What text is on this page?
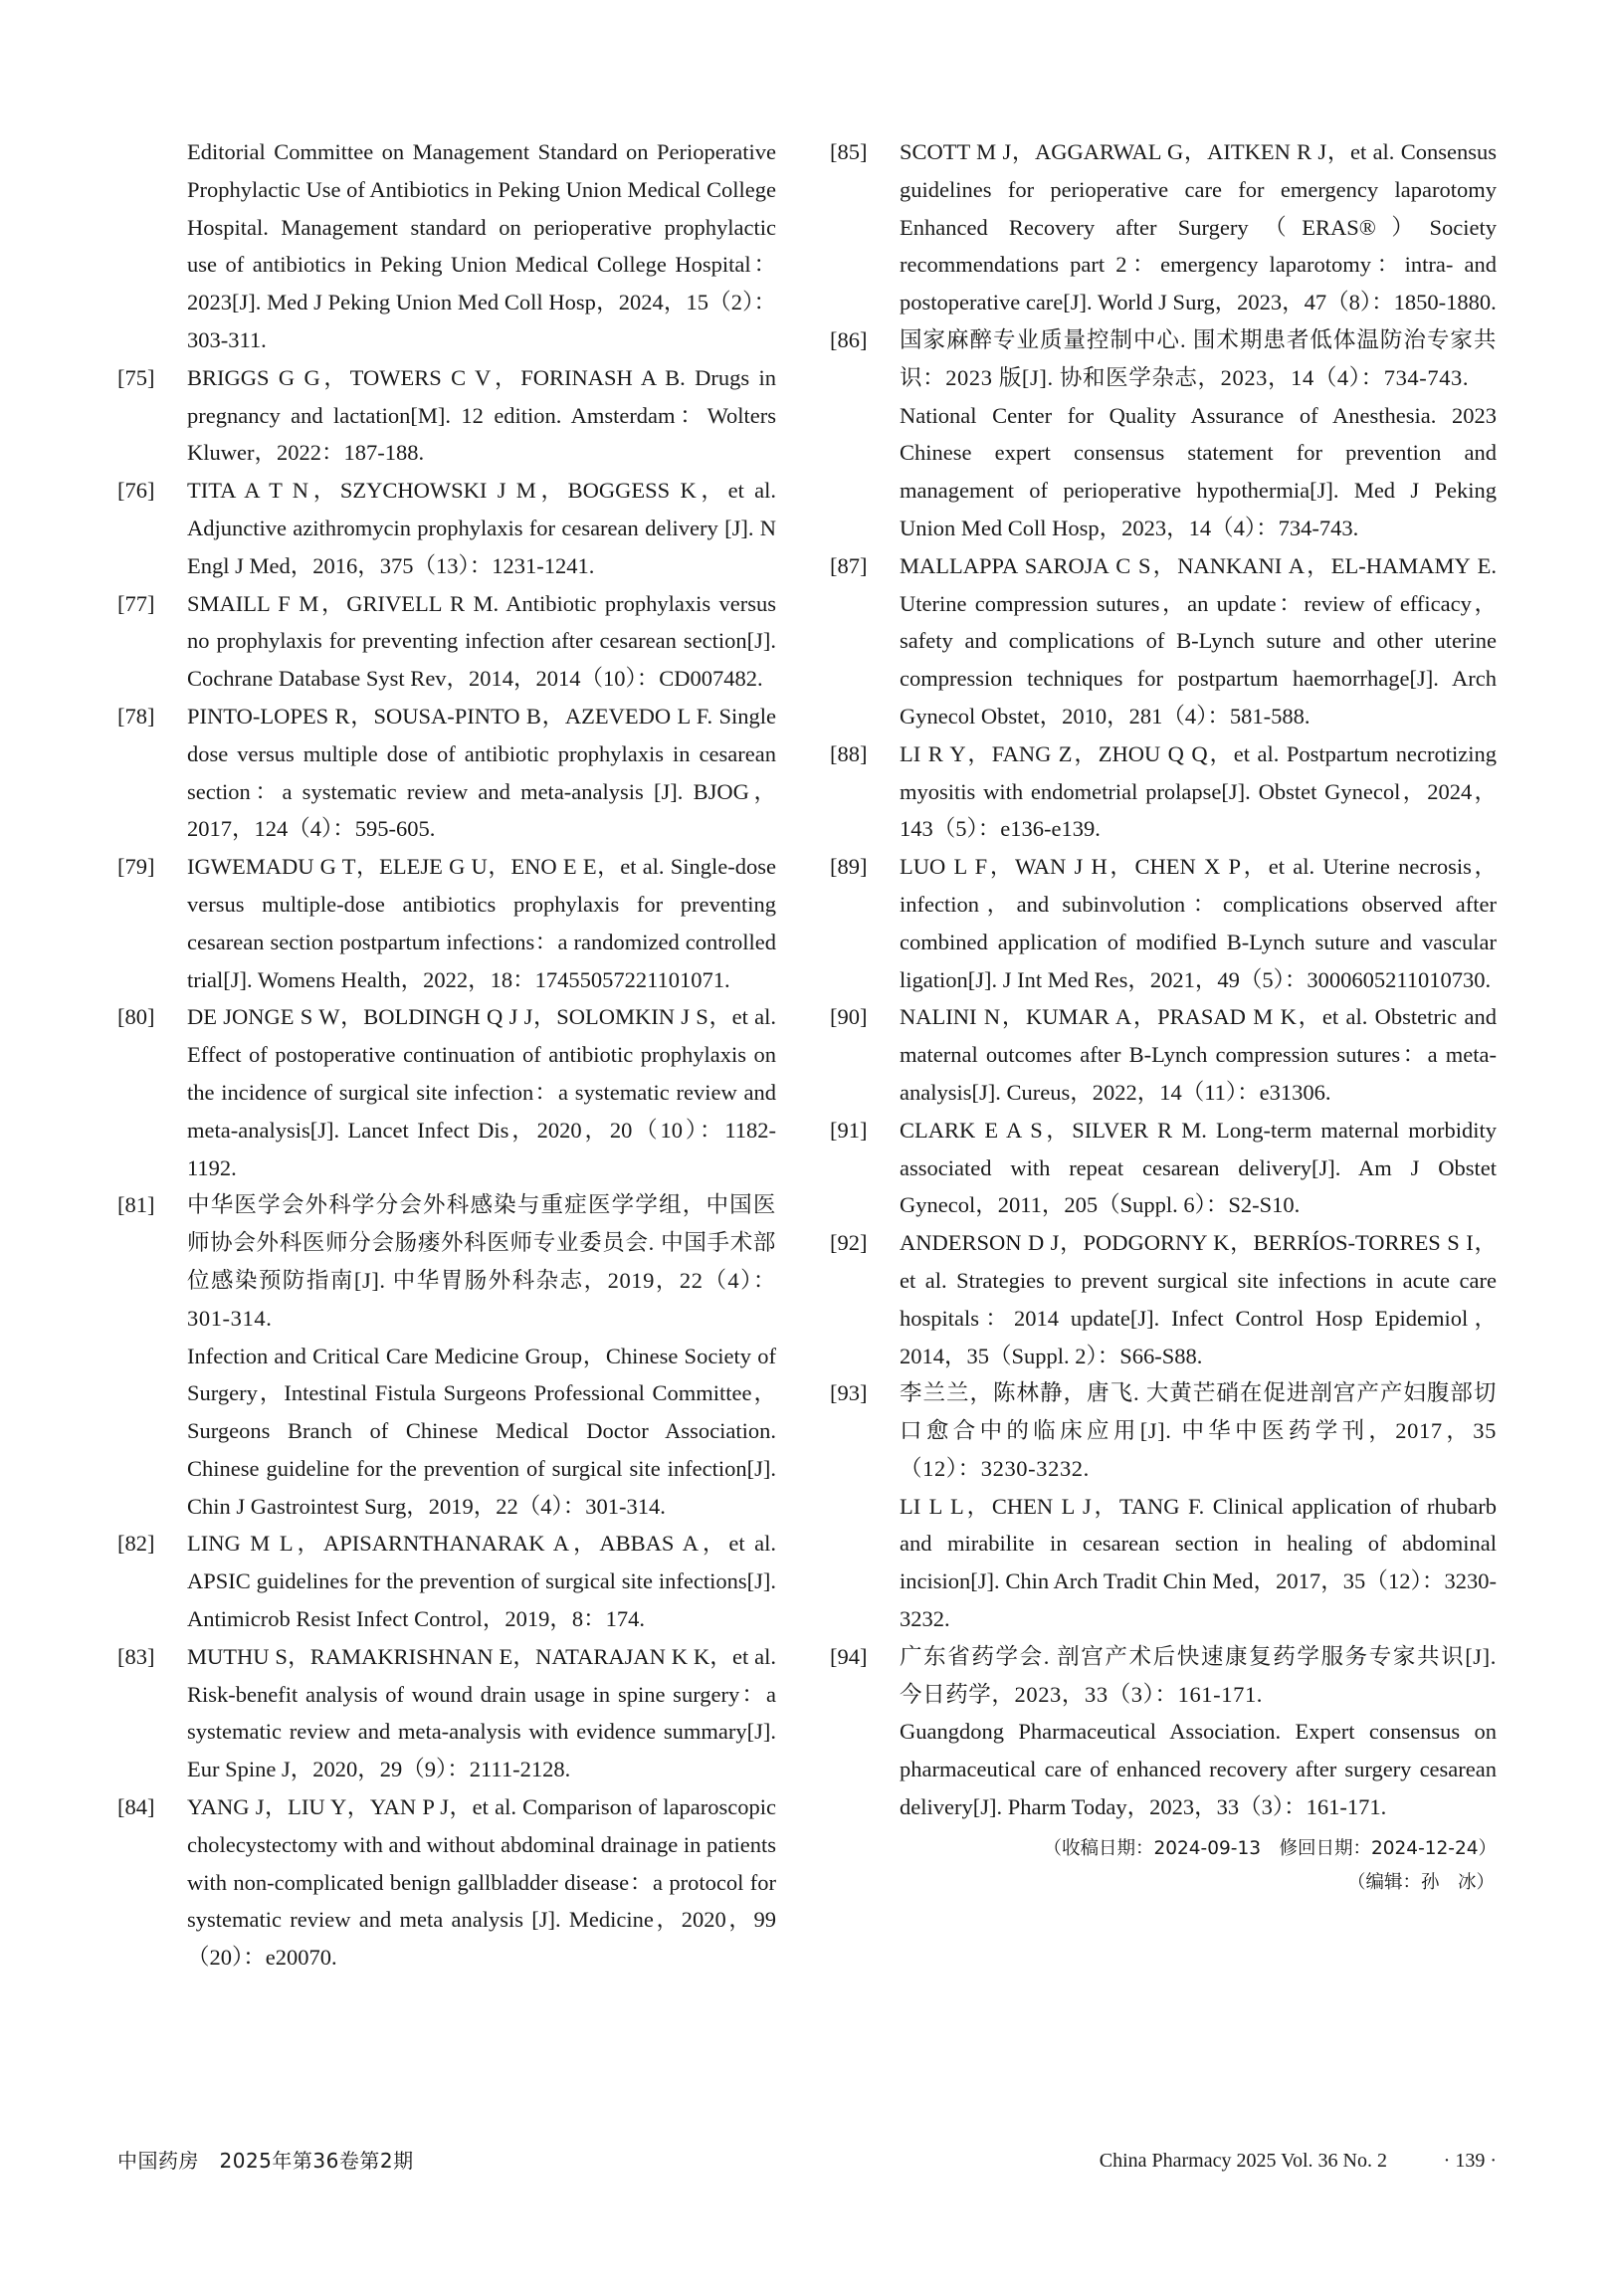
Editorial Committee on Management Standard on Perioperative Prophylactic Use of Antibiotics in Peking Union Medical College Hospital. Management standard on perioperative prophylactic use of antibiotics in Peking Union Medical College Hospital：2023[J]. Med J Peking Union Med Coll Hosp，2024，15（2）：303-311.

[75]	BRIGGS G G，TOWERS C V，FORINASH A B. Drugs in pregnancy and lactation[M]. 12 edition. Amsterdam：Wolters Kluwer，2022：187-188.

[76]	TITA A T N，SZYCHOWSKI J M，BOGGESS K，et al. Adjunctive azithromycin prophylaxis for cesarean delivery [J]. N Engl J Med，2016，375（13）：1231-1241.

[77]	SMAILL F M，GRIVELL R M. Antibiotic prophylaxis versus no prophylaxis for preventing infection after cesarean section[J]. Cochrane Database Syst Rev，2014，2014（10）：CD007482.

[78]	PINTO-LOPES R，SOUSA-PINTO B，AZEVEDO L F. Single dose versus multiple dose of antibiotic prophylaxis in cesarean section：a systematic review and meta-analysis [J]. BJOG，2017，124（4）：595-605.

[79]	IGWEMADU G T，ELEJE G U，ENO E E，et al. Single-dose versus multiple-dose antibiotics prophylaxis for preventing cesarean section postpartum infections：a randomized controlled trial[J]. Womens Health，2022，18：17455057221101071.

[80]	DE JONGE S W，BOLDINGH Q J J，SOLOMKIN J S，et al. Effect of postoperative continuation of antibiotic prophylaxis on the incidence of surgical site infection：a systematic review and meta-analysis[J]. Lancet Infect Dis，2020，20（10）：1182-1192.

[81]	中华医学会外科学分会外科感染与重症医学学组，中国医师协会外科医师分会肠瘘外科医师专业委员会. 中国手术部位感染预防指南[J]. 中华胃肠外科杂志，2019，22（4）：301-314.

Infection and Critical Care Medicine Group，Chinese Society of Surgery，Intestinal Fistula Surgeons Professional Committee，Surgeons Branch of Chinese Medical Doctor Association. Chinese guideline for the prevention of surgical site infection[J]. Chin J Gastrointest Surg，2019，22（4）：301-314.

[82]	LING M L，APISARNTHANARAK A，ABBAS A，et al. APSIC guidelines for the prevention of surgical site infections[J]. Antimicrob Resist Infect Control，2019，8：174.

[83]	MUTHU S，RAMAKRISHNAN E，NATARAJAN K K，et al. Risk-benefit analysis of wound drain usage in spine surgery：a systematic review and meta-analysis with evidence summary[J]. Eur Spine J，2020，29（9）：2111-2128.

[84]	YANG J，LIU Y，YAN P J，et al. Comparison of laparoscopic cholecystectomy with and without abdominal drainage in patients with non-complicated benign gallbladder disease：a protocol for systematic review and meta analysis [J]. Medicine，2020，99（20）：e20070.

[85]	SCOTT M J，AGGARWAL G，AITKEN R J，et al. Consensus guidelines for perioperative care for emergency laparotomy Enhanced Recovery after Surgery（ERAS®）Society recommendations part 2：emergency laparotomy：intra- and postoperative care[J]. World J Surg，2023，47（8）：1850-1880.

[86]	国家麻醉专业质量控制中心. 围术期患者低体温防治专家共识：2023 版[J]. 协和医学杂志，2023，14（4）：734-743.

National Center for Quality Assurance of Anesthesia. 2023 Chinese expert consensus statement for prevention and management of perioperative hypothermia[J]. Med J Peking Union Med Coll Hosp，2023，14（4）：734-743.

[87]	MALLAPPA SAROJA C S，NANKANI A，EL-HAMAMY E. Uterine compression sutures，an update：review of efficacy，safety and complications of B-Lynch suture and other uterine compression techniques for postpartum haemorrhage[J]. Arch Gynecol Obstet，2010，281（4）：581-588.

[88]	LI R Y，FANG Z，ZHOU Q Q，et al. Postpartum necrotizing myositis with endometrial prolapse[J]. Obstet Gynecol，2024，143（5）：e136-e139.

[89]	LUO L F，WAN J H，CHEN X P，et al. Uterine necrosis，infection，and subinvolution：complications observed after combined application of modified B-Lynch suture and vascular ligation[J]. J Int Med Res，2021，49（5）：3000605211010730.

[90]	NALINI N，KUMAR A，PRASAD M K，et al. Obstetric and maternal outcomes after B-Lynch compression sutures：a meta-analysis[J]. Cureus，2022，14（11）：e31306.

[91]	CLARK E A S，SILVER R M. Long-term maternal morbidity associated with repeat cesarean delivery[J]. Am J Obstet Gynecol，2011，205（Suppl. 6）：S2-S10.

[92]	ANDERSON D J，PODGORNY K，BERRÍOS-TORRES S I，et al. Strategies to prevent surgical site infections in acute care hospitals：2014 update[J]. Infect Control Hosp Epidemiol，2014，35（Suppl. 2）：S66-S88.

[93]	李兰兰，陈林静，唐飞. 大黄芒硝在促进剖宫产产妇腹部切口愈合中的临床应用[J]. 中华中医药学刊，2017，35（12）：3230-3232.

LI L L，CHEN L J，TANG F. Clinical application of rhubarb and mirabilite in cesarean section in healing of abdominal incision[J]. Chin Arch Tradit Chin Med，2017，35（12）：3230-3232.

[94]	广东省药学会. 剖宫产术后快速康复药学服务专家共识[J]. 今日药学，2023，33（3）：161-171.

Guangdong Pharmaceutical Association. Expert consensus on pharmaceutical care of enhanced recovery after surgery cesarean delivery[J]. Pharm Today，2023，33（3）：161-171.

（收稿日期：2024-09-13　修回日期：2024-12-24）
（编辑：孙　冰）
中国药房　2025年第36卷第2期	China Pharmacy 2025 Vol. 36 No. 2	· 139 ·
